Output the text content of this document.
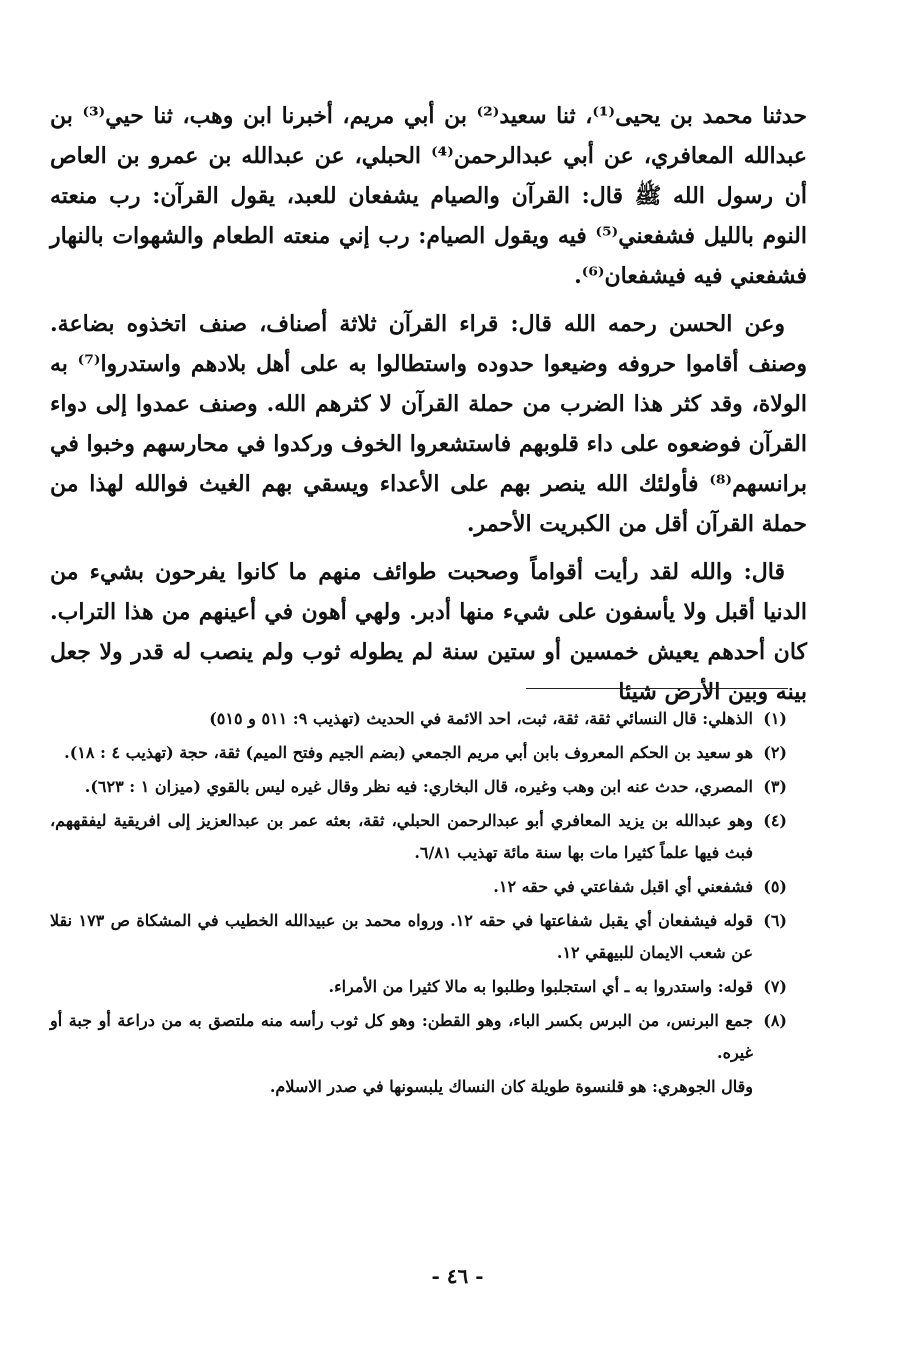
حدثنا محمد بن يحيى⁽¹⁾، ثنا سعيد⁽²⁾ بن أبي مريم، أخبرنا ابن وهب، ثنا حيي⁽³⁾ بن عبدالله المعافري، عن أبي عبدالرحمن⁽⁴⁾ الحبلي، عن عبدالله بن عمرو بن العاص أن رسول الله ﷺ قال: القرآن والصيام يشفعان للعبد، يقول القرآن: رب منعته النوم بالليل فشفعني⁽⁵⁾ فيه ويقول الصيام: رب إني منعته الطعام والشهوات بالنهار فشفعني فيه فيشفعان⁽⁶⁾.

وعن الحسن رحمه الله قال: قراء القرآن ثلاثة أصناف، صنف اتخذوه بضاعة. وصنف أقاموا حروفه وضيعوا حدوده واستطالوا به على أهل بلادهم واستدروا⁽⁷⁾ به الولاة، وقد كثر هذا الضرب من حملة القرآن لا كثرهم الله. وصنف عمدوا إلى دواء القرآن فوضعوه على داء قلوبهم فاستشعروا الخوف وركدوا في محارسهم وخبوا في برانسهم⁽⁸⁾ فأولئك الله ينصر بهم على الأعداء ويسقي بهم الغيث فوالله لهذا من حملة القرآن أقل من الكبريت الأحمر.

قال: والله لقد رأيت أقواماً وصحبت طوائف منهم ما كانوا يفرحون بشيء من الدنيا أقبل ولا يأسفون على شيء منها أدبر. ولهي أهون في أعينهم من هذا التراب. كان أحدهم يعيش خمسين أو ستين سنة لم يطوله ثوب ولم ينصب له قدر ولا جعل بينه وبين الأرض شيئا

(١)
الذهلي: قال النسائي ثقة، ثقة، ثبت، احد الائمة في الحديث (تهذيب ٩: ٥١١ و ٥١٥)
(٢)
هو سعيد بن الحكم المعروف بابن أبي مريم الجمعي (بضم الجيم وفتح الميم) ثقة، حجة (تهذيب ٤ : ١٨).
(٣)
المصري، حدث عنه ابن وهب وغيره، قال البخاري: فيه نظر وقال غيره ليس بالقوي (ميزان ١ : ٦٢٣).
(٤)
وهو عبدالله بن يزيد المعافري أبو عبدالرحمن الحبلي، ثقة، بعثه عمر بن عبدالعزيز إلى افريقية ليفقههم، فبث فيها علماً كثيرا مات بها سنة مائة تهذيب ٦/٨١.
(٥)
فشفعني أي اقبل شفاعتي في حقه ١٢.
(٦)
قوله فيشفعان أي يقبل شفاعتها في حقه ١٢. ورواه محمد بن عبيدالله الخطيب في المشكاة ص ١٧٣ نقلا عن شعب الايمان للبيهقي ١٢.
(٧)
قوله: واستدروا به ـ أي استجلبوا وطلبوا به مالا كثيرا من الأمراء.
(٨)
جمع البرنس، من البرس بكسر الباء، وهو القطن: وهو كل ثوب رأسه منه ملتصق به من دراعة أو جبة أو غيره.
وقال الجوهري: هو قلنسوة طويلة كان النساك يلبسونها في صدر الاسلام.
- ٤٦ -
